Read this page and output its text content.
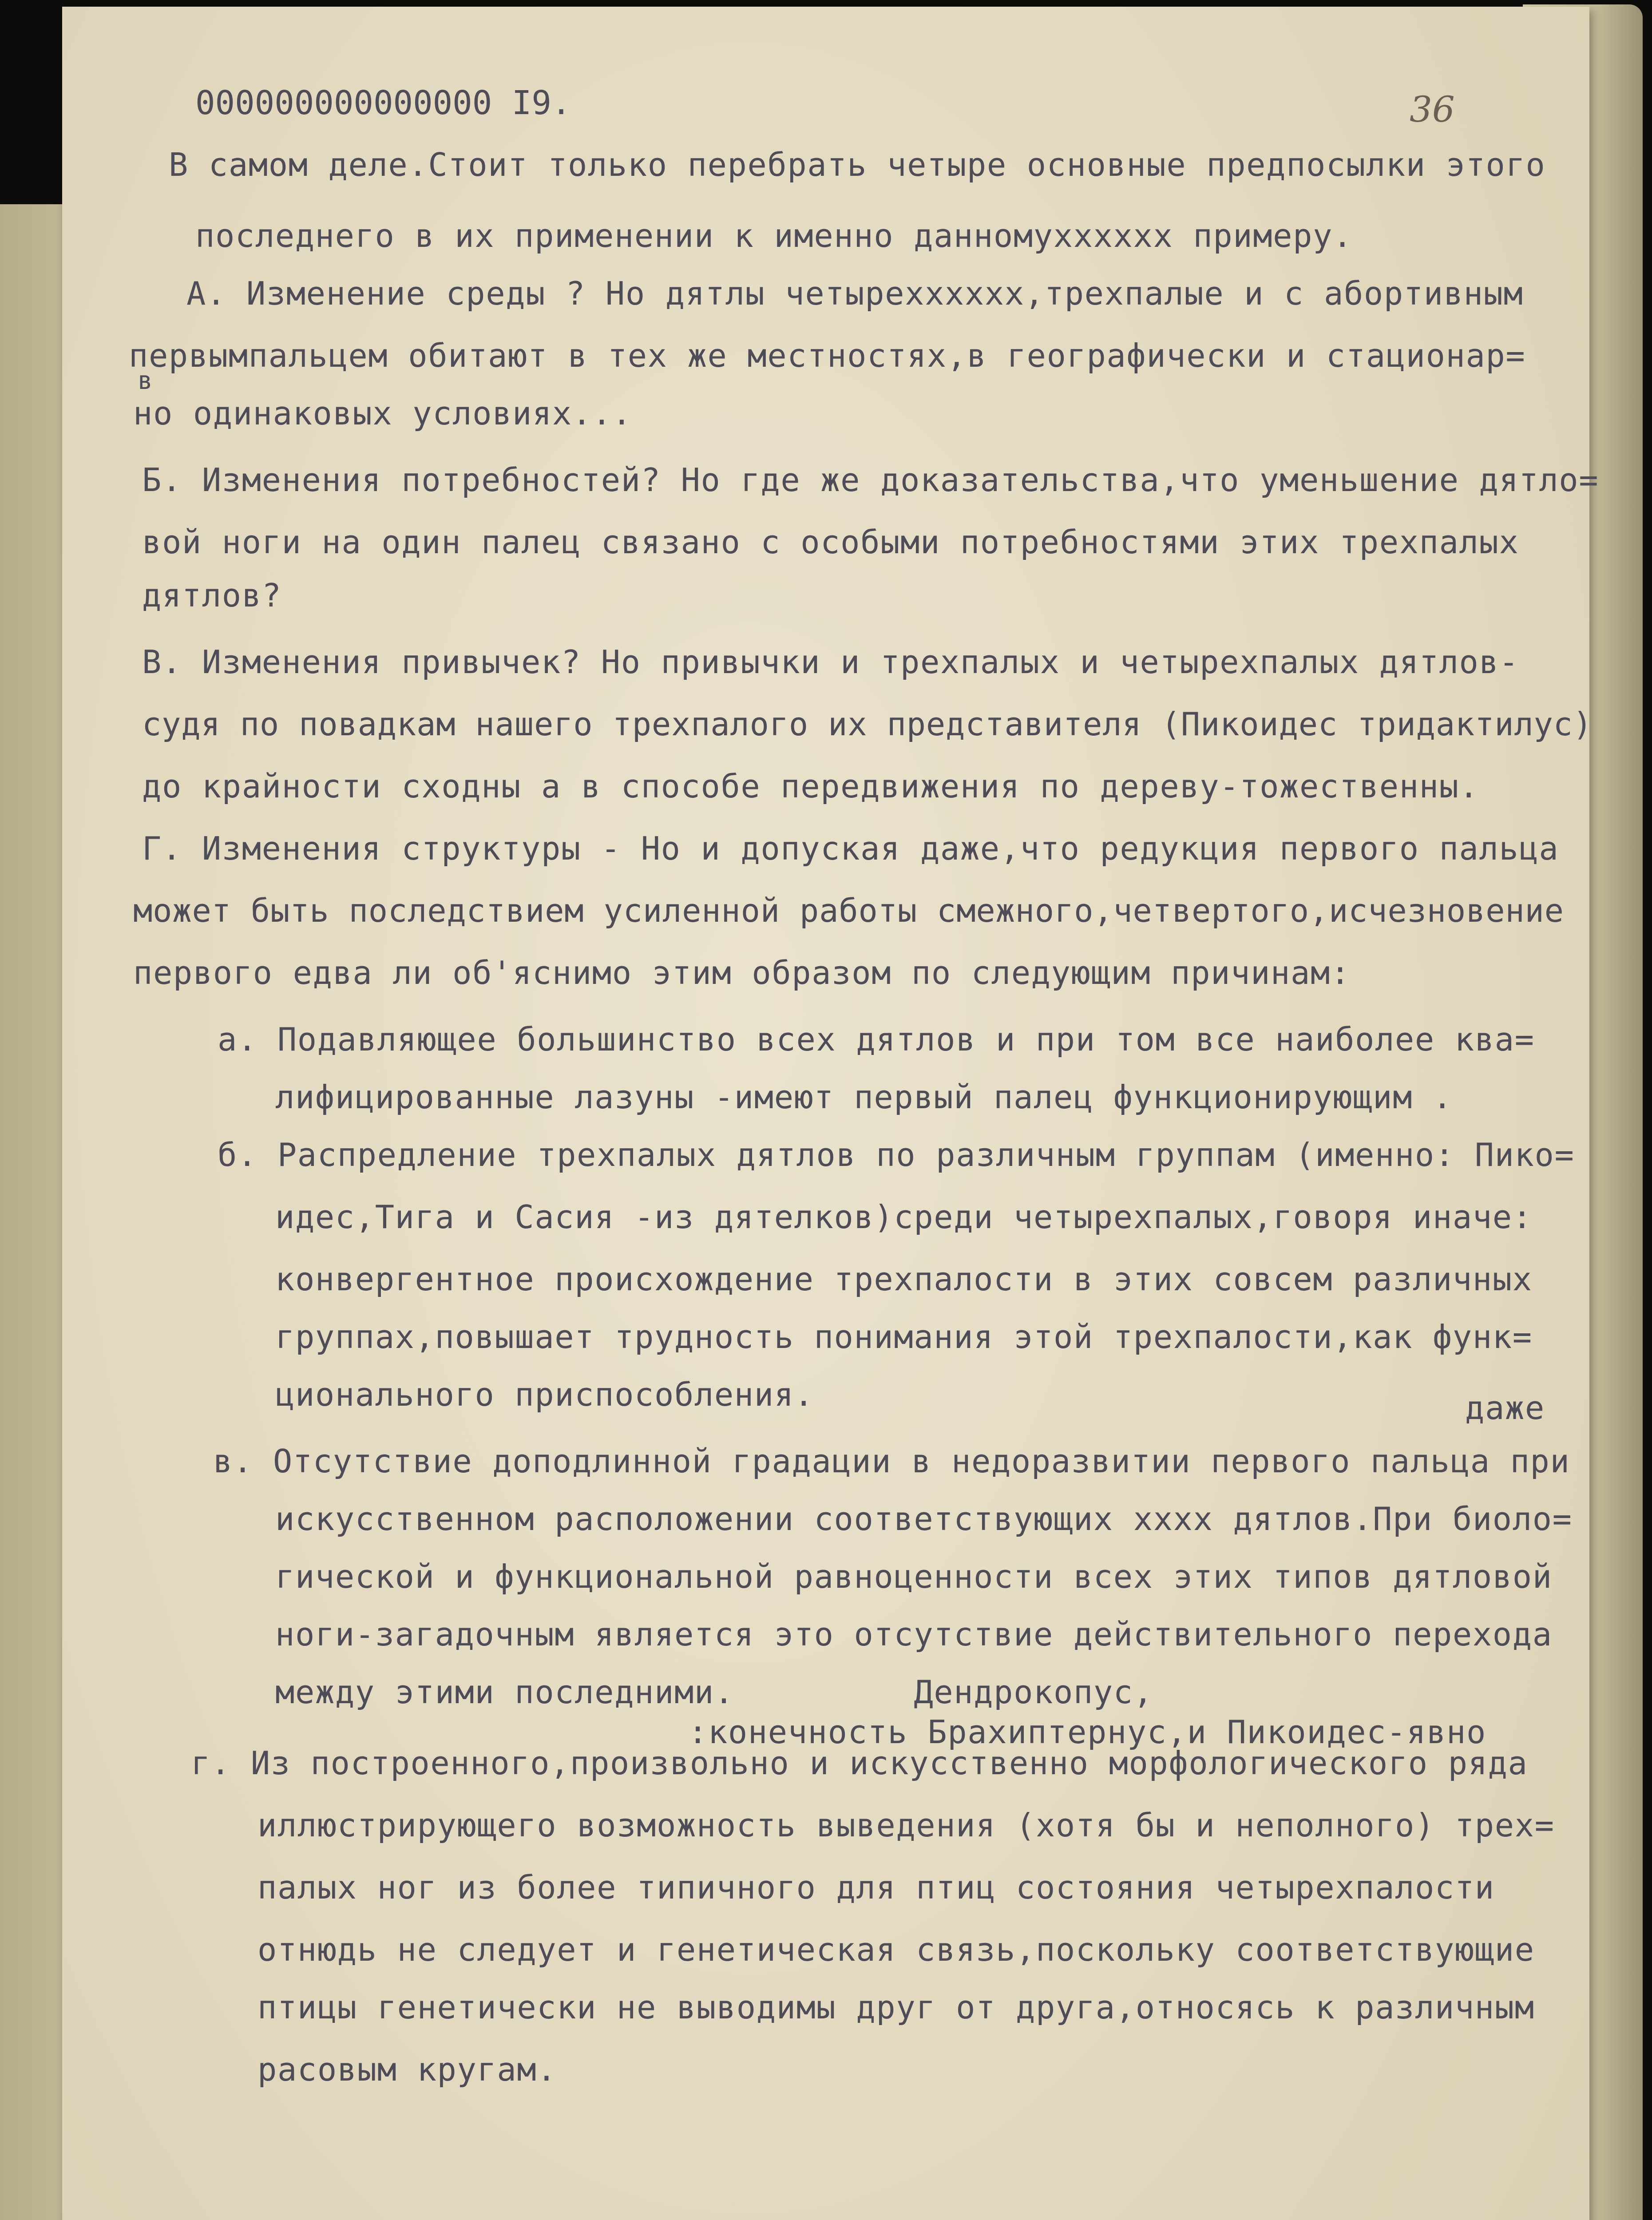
36
000000000000000 I9.
В самом деле.Стоит только перебрать четыре основные предпосылки этого
последнего в их применении к именно данномуxxxxxx примеру.
А. Изменение среды ? Но дятлы четырехxxxxx,трехпалые и с абортивным
первымпальцем обитают в тех же местностях,в географически и стационар=
в
но одинаковых условиях...
Б. Изменения потребностей? Но где же доказательства,что уменьшение дятло=
вой ноги на один палец связано с особыми потребностями этих трехпалых
дятлов?
В. Изменения привычек? Но привычки и трехпалых и четырехпалых дятлов-
судя по повадкам нашего трехпалого их представителя (Пикоидес тридактилус)
до крайности сходны а в способе передвижения по дереву-тожественны.
Г. Изменения структуры - Но и допуская даже,что редукция первого пальца
может быть последствием усиленной работы смежного,четвертого,исчезновение
первого едва ли об'яснимо этим образом по следующим причинам:
а. Подавляющее большинство всех дятлов и при том все наиболее ква=
лифицированные лазуны -имеют первый палец функционирующим .
б. Распредление трехпалых дятлов по различным группам (именно: Пико=
идес,Тига и Сасия -из дятелков)среди четырехпалых,говоря иначе:
конвергентное происхождение трехпалости в этих совсем различных
группах,повышает трудность понимания этой трехпалости,как функ=
ционального приспособления.	даже
в. Отсутствие доподлинной градации в недоразвитии первого пальца при
искусственном расположении соответствующих xxxx дятлов.При биоло=
гической и функциональной равноценности всех этих типов дятловой
ноги-загадочным является это отсутствие действительного перехода
между этими последними.         Дендрокопус,
:конечность Брахиптернус,и Пикоидес-явно
г. Из построенного,произвольно и искусственно морфологического ряда
иллюстрирующего возможность выведения (хотя бы и неполного) трех=
палых ног из более типичного для птиц состояния четырехпалости
отнюдь не следует и генетическая связь,поскольку соответствующие
птицы генетически не выводимы друг от друга,относясь к различным
расовым кругам.
